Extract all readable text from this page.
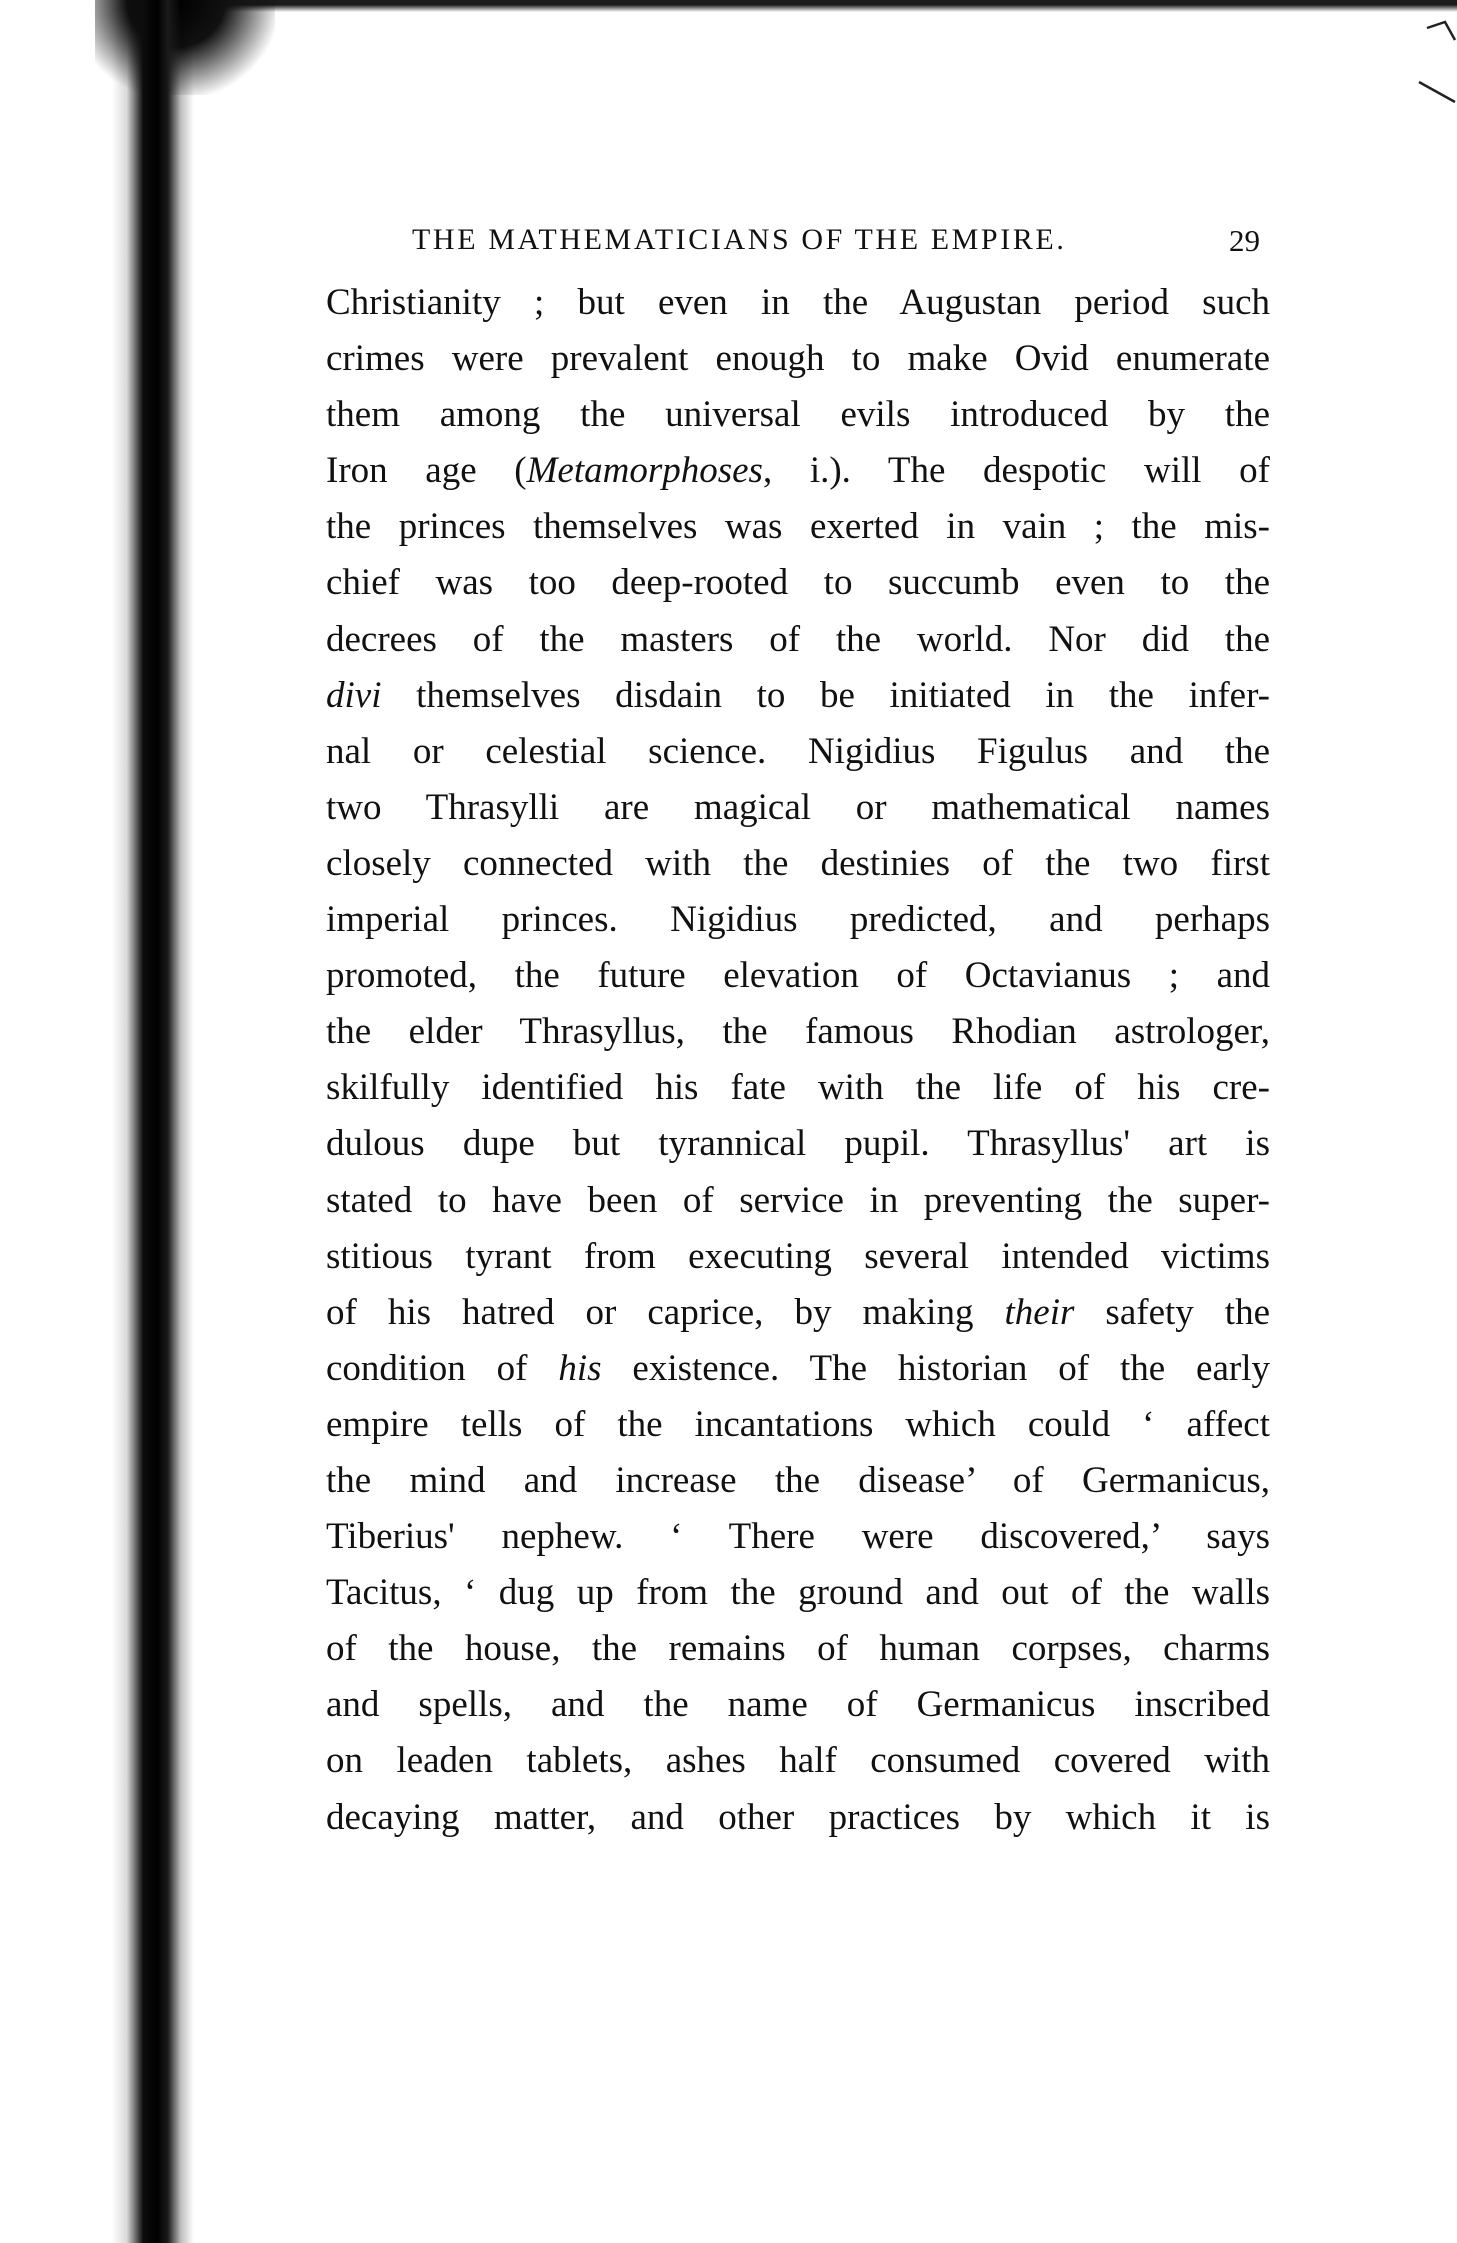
THE MATHEMATICIANS OF THE EMPIRE.	29
Christianity ; but even in the Augustan period such
crimes were prevalent enough to make Ovid enumerate
them among the universal evils introduced by the
Iron age (Metamorphoses, i.). The despotic will of
the princes themselves was exerted in vain ; the mis-
chief was too deep-rooted to succumb even to the
decrees of the masters of the world. Nor did the
divi themselves disdain to be initiated in the infer-
nal or celestial science. Nigidius Figulus and the
two Thrasylli are magical or mathematical names
closely connected with the destinies of the two first
imperial princes. Nigidius predicted, and perhaps
promoted, the future elevation of Octavianus ; and
the elder Thrasyllus, the famous Rhodian astrologer,
skilfully identified his fate with the life of his cre-
dulous dupe but tyrannical pupil. Thrasyllus' art is
stated to have been of service in preventing the super-
stitious tyrant from executing several intended victims
of his hatred or caprice, by making their safety the
condition of his existence. The historian of the early
empire tells of the incantations which could ‘ affect
the mind and increase the disease’ of Germanicus,
Tiberius' nephew. ‘ There were discovered,’ says
Tacitus, ‘ dug up from the ground and out of the walls
of the house, the remains of human corpses, charms
and spells, and the name of Germanicus inscribed
on leaden tablets, ashes half consumed covered with
decaying matter, and other practices by which it is
